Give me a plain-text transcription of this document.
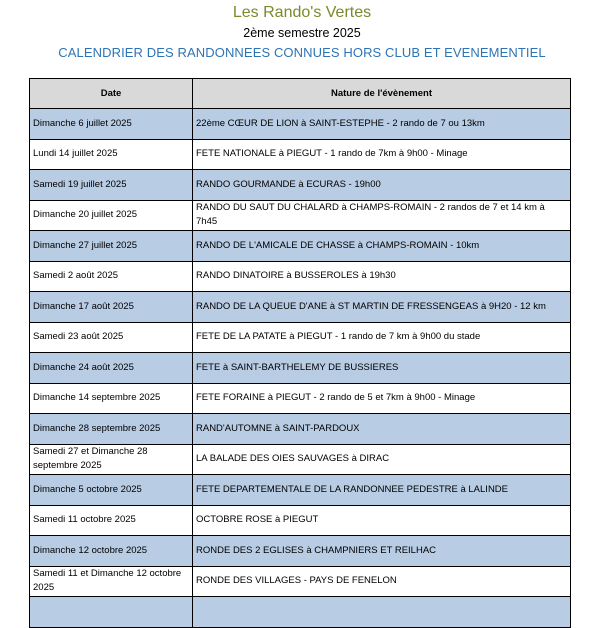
Les Rando's Vertes
2ème semestre 2025
CALENDRIER DES RANDONNEES CONNUES HORS CLUB ET EVENEMENTIEL
Date	Nature de l'évènement
Dimanche 6 juillet 2025	22ème CŒUR DE LION à SAINT-ESTEPHE - 2 rando de 7 ou 13km
Lundi 14 juillet 2025	FETE NATIONALE à PIEGUT - 1 rando de 7km à 9h00 - Minage
Samedi 19 juillet 2025	RANDO GOURMANDE à ECURAS - 19h00
Dimanche 20 juillet 2025	RANDO DU SAUT DU CHALARD à CHAMPS-ROMAIN - 2 randos de 7 et 14 km à 7h45
Dimanche 27 juillet 2025	RANDO DE L'AMICALE DE CHASSE à CHAMPS-ROMAIN - 10km
Samedi 2 août 2025	RANDO DINATOIRE à BUSSEROLES à 19h30
Dimanche 17 août 2025	RANDO DE LA QUEUE D'ANE à ST MARTIN DE FRESSENGEAS à 9H20 - 12 km
Samedi 23 août 2025	FETE DE LA PATATE à PIEGUT - 1 rando de 7 km à 9h00 du stade
Dimanche 24 août 2025	FETE à SAINT-BARTHELEMY DE BUSSIERES
Dimanche 14 septembre 2025	FETE FORAINE à PIEGUT - 2 rando de 5 et 7km à 9h00 - Minage
Dimanche 28 septembre 2025	RAND'AUTOMNE à SAINT-PARDOUX
Samedi 27 et Dimanche 28 septembre 2025	LA BALADE DES OIES SAUVAGES à DIRAC
Dimanche 5 octobre 2025	FETE DEPARTEMENTALE DE LA RANDONNEE PEDESTRE à LALINDE
Samedi 11 octobre 2025	OCTOBRE ROSE à PIEGUT
Dimanche 12 octobre 2025	RONDE DES 2 EGLISES à CHAMPNIERS ET REILHAC
Samedi 11 et Dimanche 12 octobre 2025	RONDE DES VILLAGES - PAYS DE FENELON
